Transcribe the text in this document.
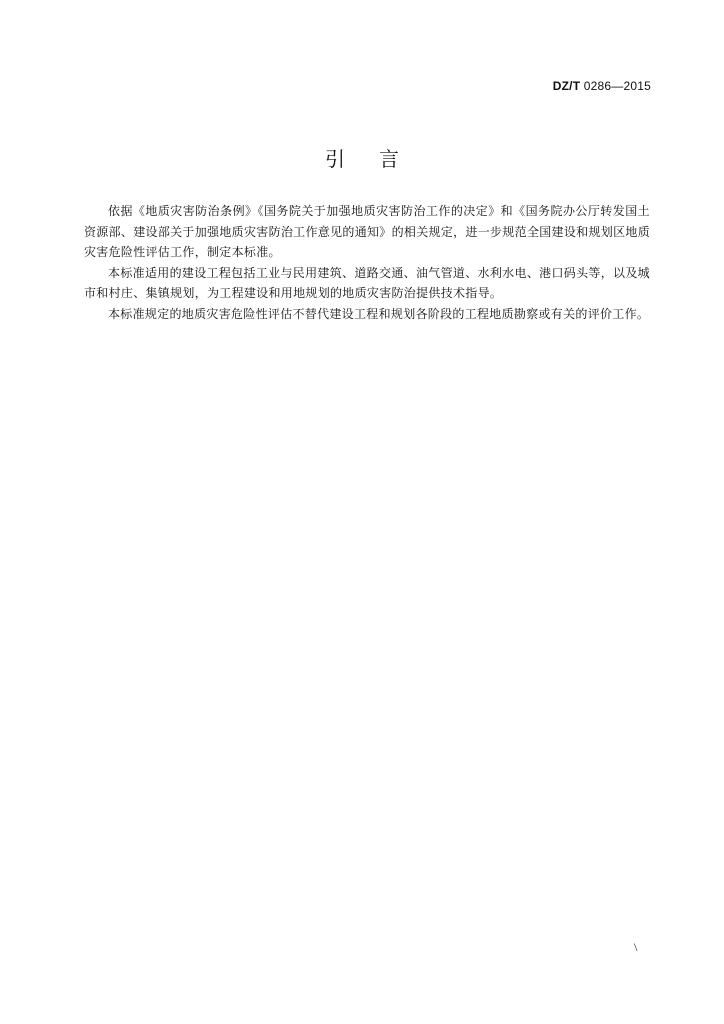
DZ/T 0286—2015
引言

依据《地质灾害防治条例》《国务院关于加强地质灾害防治工作的决定》和《国务院办公厅转发国土资源部、建设部关于加强地质灾害防治工作意见的通知》的相关规定，进一步规范全国建设和规划区地质灾害危险性评估工作，制定本标准。

本标准适用的建设工程包括工业与民用建筑、道路交通、油气管道、水利水电、港口码头等，以及城市和村庄、集镇规划，为工程建设和用地规划的地质灾害防治提供技术指导。

本标准规定的地质灾害危险性评估不替代建设工程和规划各阶段的工程地质勘察或有关的评价工作。

\
